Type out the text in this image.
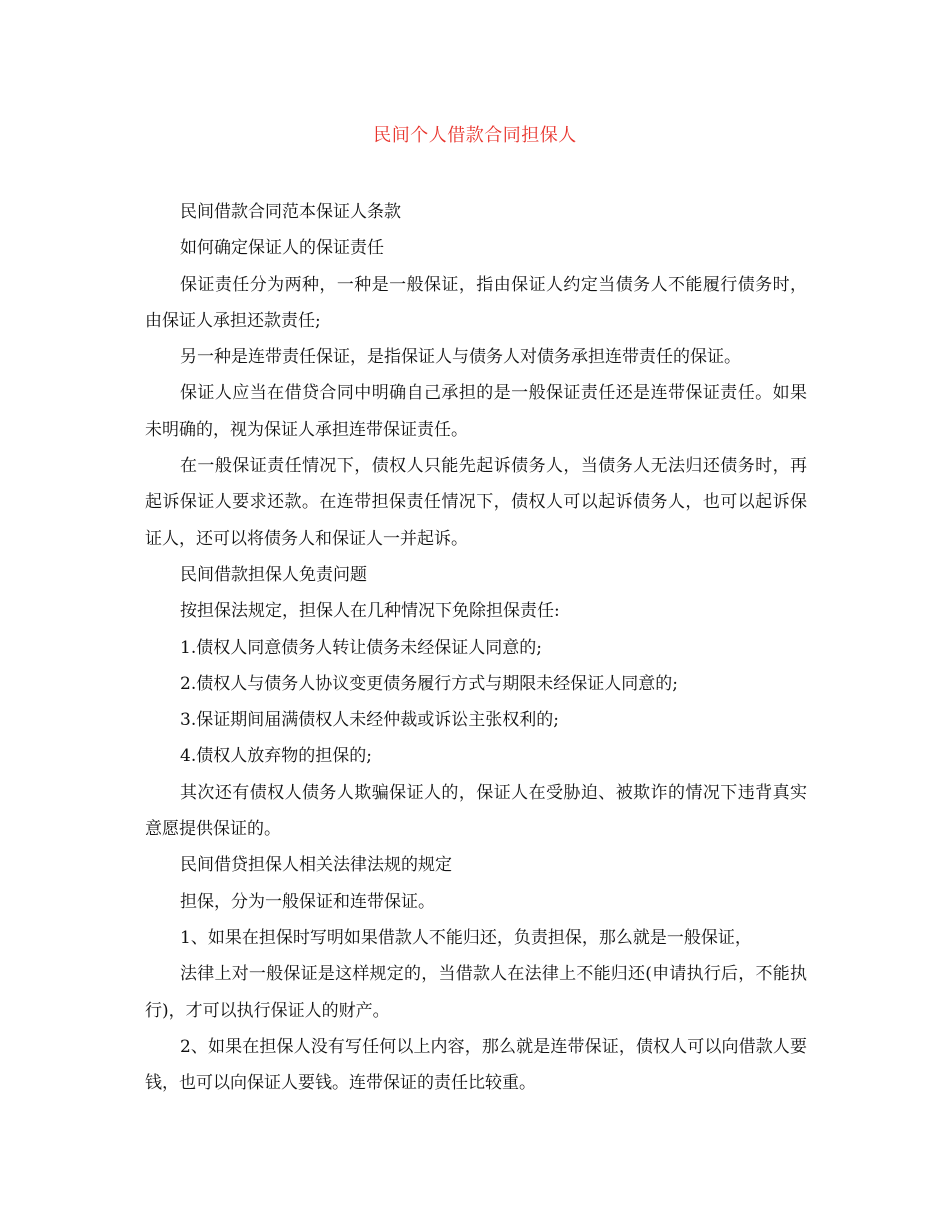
民间个人借款合同担保人

民间借款合同范本保证人条款

如何确定保证人的保证责任

保证责任分为两种，一种是一般保证，指由保证人约定当债务人不能履行债务时，由保证人承担还款责任;

另一种是连带责任保证，是指保证人与债务人对债务承担连带责任的保证。

保证人应当在借贷合同中明确自己承担的是一般保证责任还是连带保证责任。如果未明确的，视为保证人承担连带保证责任。

在一般保证责任情况下，债权人只能先起诉债务人，当债务人无法归还债务时，再起诉保证人要求还款。在连带担保责任情况下，债权人可以起诉债务人，也可以起诉保证人，还可以将债务人和保证人一并起诉。

民间借款担保人免责问题

按担保法规定，担保人在几种情况下免除担保责任:

1.债权人同意债务人转让债务未经保证人同意的;

2.债权人与债务人协议变更债务履行方式与期限未经保证人同意的;

3.保证期间届满债权人未经仲裁或诉讼主张权利的;

4.债权人放弃物的担保的;

其次还有债权人债务人欺骗保证人的，保证人在受胁迫、被欺诈的情况下违背真实意愿提供保证的。

民间借贷担保人相关法律法规的规定

担保，分为一般保证和连带保证。

1、如果在担保时写明如果借款人不能归还，负责担保，那么就是一般保证，

法律上对一般保证是这样规定的，当借款人在法律上不能归还(申请执行后，不能执行)，才可以执行保证人的财产。

2、如果在担保人没有写任何以上内容，那么就是连带保证，债权人可以向借款人要钱，也可以向保证人要钱。连带保证的责任比较重。
